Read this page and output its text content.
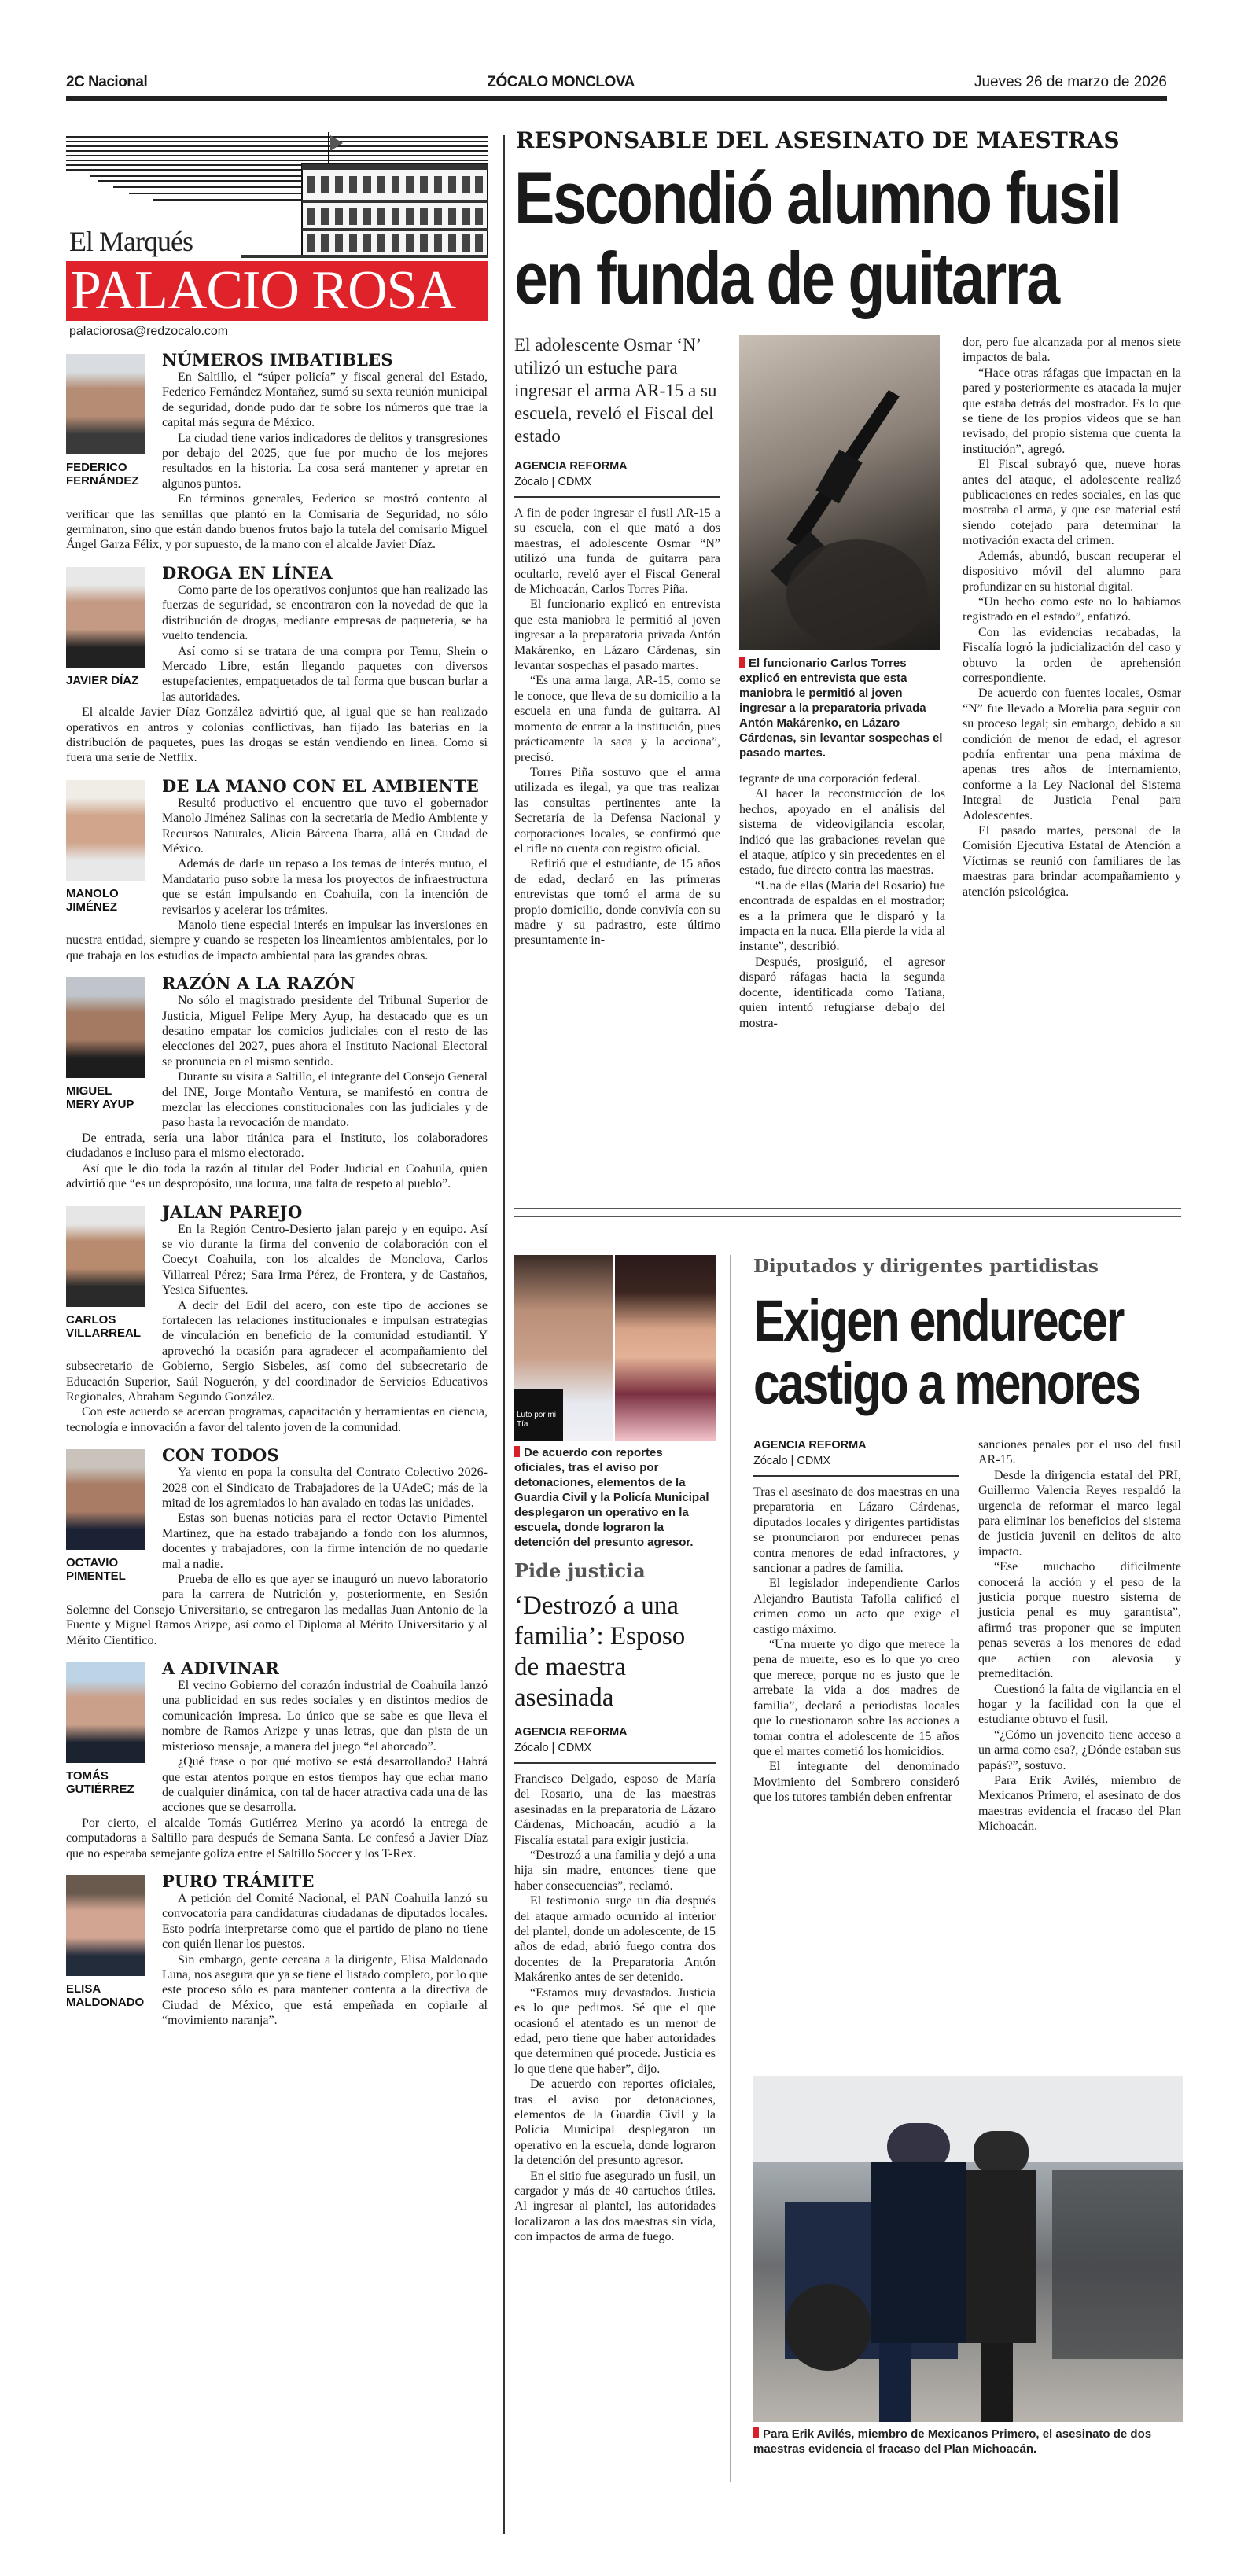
2C Nacional	ZÓCALO MONCLOVA	Jueves 26 de marzo de 2026
El Marqués
PALACIO ROSA
palaciorosa@redzocalo.com
FEDERICO FERNÁNDEZ
NÚMEROS IMBATIBLES

En Saltillo, el “súper policía” y fiscal general del Estado, Federico Fernández Montañez, sumó su sexta reunión municipal de seguridad, donde pudo dar fe sobre los números que trae la capital más segura de México.

La ciudad tiene varios indicadores de delitos y transgresiones por debajo del 2025, que fue por mucho de los mejores resultados en la historia. La cosa será mantener y apretar en algunos puntos.

En términos generales, Federico se mostró contento al verificar que las semillas que plantó en la Comisaría de Seguridad, no sólo germinaron, sino que están dando buenos frutos bajo la tutela del comisario Miguel Ángel Garza Félix, y por supuesto, de la mano con el alcalde Javier Díaz.

JAVIER DÍAZ
DROGA EN LÍNEA

Como parte de los operativos conjuntos que han realizado las fuerzas de seguridad, se encontraron con la novedad de que la distribución de drogas, mediante empresas de paquetería, se ha vuelto tendencia.

Así como si se tratara de una compra por Temu, Shein o Mercado Libre, están llegando paquetes con diversos estupefacientes, empaquetados de tal forma que buscan burlar a las autoridades.

El alcalde Javier Díaz González advirtió que, al igual que se han realizado operativos en antros y colonias conflictivas, han fijado las baterías en la distribución de paquetes, pues las drogas se están vendiendo en línea. Como si fuera una serie de Netflix.

MANOLO JIMÉNEZ
DE LA MANO CON EL AMBIENTE

Resultó productivo el encuentro que tuvo el gobernador Manolo Jiménez Salinas con la secretaria de Medio Ambiente y Recursos Naturales, Alicia Bárcena Ibarra, allá en Ciudad de México.

Además de darle un repaso a los temas de interés mutuo, el Mandatario puso sobre la mesa los proyectos de infraestructura que se están impulsando en Coahuila, con la intención de revisarlos y acelerar los trámites.

Manolo tiene especial interés en impulsar las inversiones en nuestra entidad, siempre y cuando se respeten los lineamientos ambientales, por lo que trabaja en los estudios de impacto ambiental para las grandes obras.

MIGUEL MERY AYUP
RAZÓN A LA RAZÓN

No sólo el magistrado presidente del Tribunal Superior de Justicia, Miguel Felipe Mery Ayup, ha destacado que es un desatino empatar los comicios judiciales con el resto de las elecciones del 2027, pues ahora el Instituto Nacional Electoral se pronuncia en el mismo sentido.

Durante su visita a Saltillo, el integrante del Consejo General del INE, Jorge Montaño Ventura, se manifestó en contra de mezclar las elecciones constitucionales con las judiciales y de paso hasta la revocación de mandato.

De entrada, sería una labor titánica para el Instituto, los colaboradores ciudadanos e incluso para el mismo electorado.

Así que le dio toda la razón al titular del Poder Judicial en Coahuila, quien advirtió que “es un despropósito, una locura, una falta de respeto al pueblo”.

CARLOS VILLARREAL
JALAN PAREJO

En la Región Centro-Desierto jalan parejo y en equipo. Así se vio durante la firma del convenio de colaboración con el Coecyt Coahuila, con los alcaldes de Monclova, Carlos Villarreal Pérez; Sara Irma Pérez, de Frontera, y de Castaños, Yesica Sifuentes.

A decir del Edil del acero, con este tipo de acciones se fortalecen las relaciones institucionales e impulsan estrategias de vinculación en beneficio de la comunidad estudiantil. Y aprovechó la ocasión para agradecer el acompañamiento del subsecretario de Gobierno, Sergio Sisbeles, así como del subsecretario de Educación Superior, Saúl Noguerón, y del coordinador de Servicios Educativos Regionales, Abraham Segundo González.

Con este acuerdo se acercan programas, capacitación y herramientas en ciencia, tecnología e innovación a favor del talento joven de la comunidad.

OCTAVIO PIMENTEL
CON TODOS

Ya viento en popa la consulta del Contrato Colectivo 2026-2028 con el Sindicato de Trabajadores de la UAdeC; más de la mitad de los agremiados lo han avalado en todas las unidades.

Estas son buenas noticias para el rector Octavio Pimentel Martínez, que ha estado trabajando a fondo con los alumnos, docentes y trabajadores, con la firme intención de no quedarle mal a nadie.

Prueba de ello es que ayer se inauguró un nuevo laboratorio para la carrera de Nutrición y, posteriormente, en Sesión Solemne del Consejo Universitario, se entregaron las medallas Juan Antonio de la Fuente y Miguel Ramos Arizpe, así como el Diploma al Mérito Universitario y al Mérito Científico.

TOMÁS GUTIÉRREZ
A ADIVINAR

El vecino Gobierno del corazón industrial de Coahuila lanzó una publicidad en sus redes sociales y en distintos medios de comunicación impresa. Lo único que se sabe es que lleva el nombre de Ramos Arizpe y unas letras, que dan pista de un misterioso mensaje, a manera del juego “el ahorcado”.

¿Qué frase o por qué motivo se está desarrollando? Habrá que estar atentos porque en estos tiempos hay que echar mano de cualquier dinámica, con tal de hacer atractiva cada una de las acciones que se desarrolla.

Por cierto, el alcalde Tomás Gutiérrez Merino ya acordó la entrega de computadoras a Saltillo para después de Semana Santa. Le confesó a Javier Díaz que no esperaba semejante goliza entre el Saltillo Soccer y los T-Rex.

ELISA MALDONADO
PURO TRÁMITE

A petición del Comité Nacional, el PAN Coahuila lanzó su convocatoria para candidaturas ciudadanas de diputados locales. Esto podría interpretarse como que el partido de plano no tiene con quién llenar los puestos.

Sin embargo, gente cercana a la dirigente, Elisa Maldonado Luna, nos asegura que ya se tiene el listado completo, por lo que este proceso sólo es para mantener contenta a la directiva de Ciudad de México, que está empeñada en copiarle al “movimiento naranja”.

RESPONSABLE DEL ASESINATO DE MAESTRAS
Escondió alumno fusil
en funda de guitarra
El adolescente Osmar ‘N’ utilizó un estuche para ingresar el arma AR-15 a su escuela, reveló el Fiscal del estado
AGENCIA REFORMA
Zócalo | CDMX

A fin de poder ingresar el fusil AR-15 a su escuela, con el que mató a dos maestras, el adolescente Osmar “N” utilizó una funda de guitarra para ocultarlo, reveló ayer el Fiscal General de Michoacán, Carlos Torres Piña.

El funcionario explicó en entrevista que esta maniobra le permitió al joven ingresar a la preparatoria privada Antón Makárenko, en Lázaro Cárdenas, sin levantar sospechas el pasado martes.

“Es una arma larga, AR-15, como se le conoce, que lleva de su domicilio a la escuela en una funda de guitarra. Al momento de entrar a la institución, pues prácticamente la saca y la acciona”, precisó.

Torres Piña sostuvo que el arma utilizada es ilegal, ya que tras realizar las consultas pertinentes ante la Secretaría de la Defensa Nacional y corporaciones locales, se confirmó que el rifle no cuenta con registro oficial.

Refirió que el estudiante, de 15 años de edad, declaró en las primeras entrevistas que tomó el arma de su propio domicilio, donde convivía con su madre y su padrastro, este último presuntamente in-

El funcionario Carlos Torres explicó en entrevista que esta maniobra le permitió al joven ingresar a la preparatoria privada Antón Makárenko, en Lázaro Cárdenas, sin levantar sospechas el pasado martes.

tegrante de una corporación federal.

Al hacer la reconstrucción de los hechos, apoyado en el análisis del sistema de videovigilancia escolar, indicó que las grabaciones revelan que el ataque, atípico y sin precedentes en el estado, fue directo contra las maestras.

“Una de ellas (María del Rosario) fue encontrada de espaldas en el mostrador; es a la primera que le disparó y la impacta en la nuca. Ella pierde la vida al instante”, describió.

Después, prosiguió, el agresor disparó ráfagas hacia la segunda docente, identificada como Tatiana, quien intentó refugiarse debajo del mostra-

dor, pero fue alcanzada por al menos siete impactos de bala.

“Hace otras ráfagas que impactan en la pared y posteriormente es atacada la mujer que estaba detrás del mostrador. Es lo que se tiene de los propios videos que se han revisado, del propio sistema que cuenta la institución”, agregó.

El Fiscal subrayó que, nueve horas antes del ataque, el adolescente realizó publicaciones en redes sociales, en las que mostraba el arma, y que ese material está siendo cotejado para determinar la motivación exacta del crimen.

Además, abundó, buscan recuperar el dispositivo móvil del alumno para profundizar en su historial digital.

“Un hecho como este no lo habíamos registrado en el estado”, enfatizó.

Con las evidencias recabadas, la Fiscalía logró la judicialización del caso y obtuvo la orden de aprehensión correspondiente.

De acuerdo con fuentes locales, Osmar “N” fue llevado a Morelia para seguir con su proceso legal; sin embargo, debido a su condición de menor de edad, el agresor podría enfrentar una pena máxima de apenas tres años de internamiento, conforme a la Ley Nacional del Sistema Integral de Justicia Penal para Adolescentes.

El pasado martes, personal de la Comisión Ejecutiva Estatal de Atención a Víctimas se reunió con familiares de las maestras para brindar acompañamiento y atención psicológica.

Luto por mi Tía
De acuerdo con reportes oficiales, tras el aviso por detonaciones, elementos de la Guardia Civil y la Policía Municipal desplegaron un operativo en la escuela, donde lograron la detención del presunto agresor.
Pide justicia
‘Destrozó a una familia’: Esposo de maestra asesinada
AGENCIA REFORMA
Zócalo | CDMX

Francisco Delgado, esposo de María del Rosario, una de las maestras asesinadas en la preparatoria de Lázaro Cárdenas, Michoacán, acudió a la Fiscalía estatal para exigir justicia.

“Destrozó a una familia y dejó a una hija sin madre, entonces tiene que haber consecuencias”, reclamó.

El testimonio surge un día después del ataque armado ocurrido al interior del plantel, donde un adolescente, de 15 años de edad, abrió fuego contra dos docentes de la Preparatoria Antón Makárenko antes de ser detenido.

“Estamos muy devastados. Justicia es lo que pedimos. Sé que el que ocasionó el atentado es un menor de edad, pero tiene que haber autoridades que determinen qué procede. Justicia es lo que tiene que haber”, dijo.

De acuerdo con reportes oficiales, tras el aviso por detonaciones, elementos de la Guardia Civil y la Policía Municipal desplegaron un operativo en la escuela, donde lograron la detención del presunto agresor.

En el sitio fue asegurado un fusil, un cargador y más de 40 cartuchos útiles. Al ingresar al plantel, las autoridades localizaron a las dos maestras sin vida, con impactos de arma de fuego.

Diputados y dirigentes partidistas
Exigen endurecer
castigo a menores
AGENCIA REFORMA
Zócalo | CDMX

Tras el asesinato de dos maestras en una preparatoria en Lázaro Cárdenas, diputados locales y dirigentes partidistas se pronunciaron por endurecer penas contra menores de edad infractores, y sancionar a padres de familia.

El legislador independiente Carlos Alejandro Bautista Tafolla calificó el crimen como un acto que exige el castigo máximo.

“Una muerte yo digo que merece la pena de muerte, eso es lo que yo creo que merece, porque no es justo que le arrebate la vida a dos madres de familia”, declaró a periodistas locales que lo cuestionaron sobre las acciones a tomar contra el adolescente de 15 años que el martes cometió los homicidios.

El integrante del denominado Movimiento del Sombrero consideró que los tutores también deben enfrentar

sanciones penales por el uso del fusil AR-15.

Desde la dirigencia estatal del PRI, Guillermo Valencia Reyes respaldó la urgencia de reformar el marco legal para eliminar los beneficios del sistema de justicia juvenil en delitos de alto impacto.

“Ese muchacho difícilmente conocerá la acción y el peso de la justicia porque nuestro sistema de justicia penal es muy garantista”, afirmó tras proponer que se imputen penas severas a los menores de edad que actúen con alevosía y premeditación.

Cuestionó la falta de vigilancia en el hogar y la facilidad con la que el estudiante obtuvo el fusil.

“¿Cómo un jovencito tiene acceso a un arma como esa?, ¿Dónde estaban sus papás?”, sostuvo.

Para Erik Avilés, miembro de Mexicanos Primero, el asesinato de dos maestras evidencia el fracaso del Plan Michoacán.

Para Erik Avilés, miembro de Mexicanos Primero, el asesinato de dos maestras evidencia el fracaso del Plan Michoacán.
